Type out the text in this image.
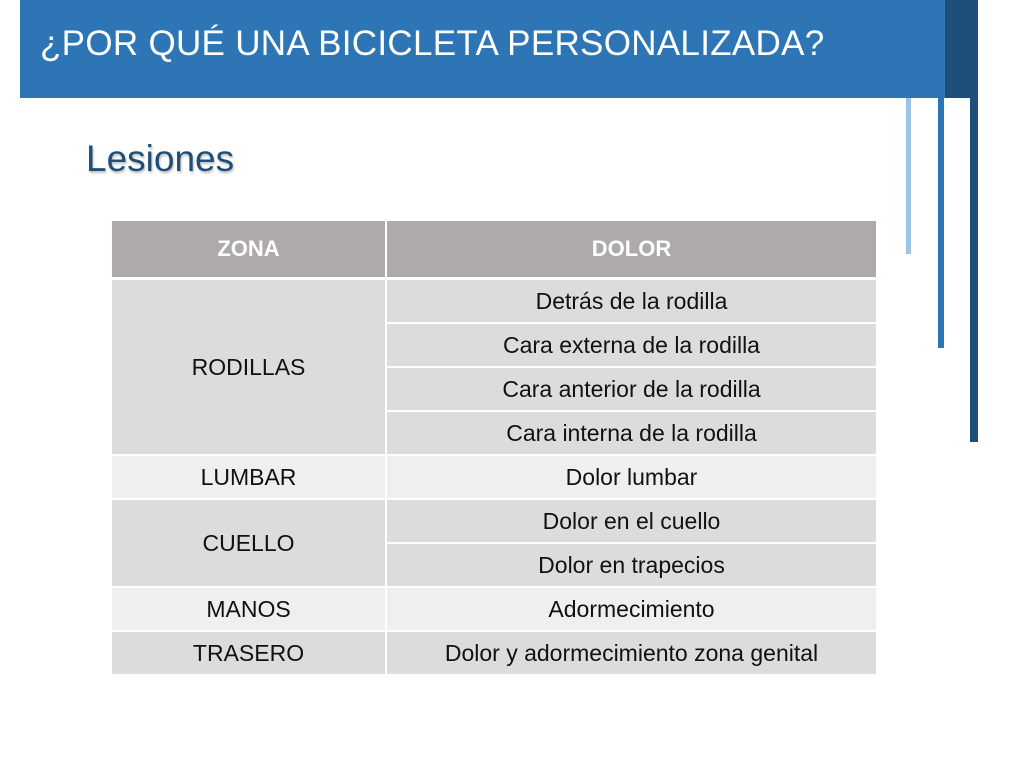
¿POR QUÉ UNA BICICLETA PERSONALIZADA?
Lesiones
ZONA	DOLOR
RODILLAS	Detrás de la rodilla
	Cara externa de la rodilla
	Cara anterior de la rodilla
	Cara interna de la rodilla
LUMBAR	Dolor lumbar
CUELLO	Dolor en el cuello
	Dolor en trapecios
MANOS	Adormecimiento
TRASERO	Dolor y adormecimiento zona genital
